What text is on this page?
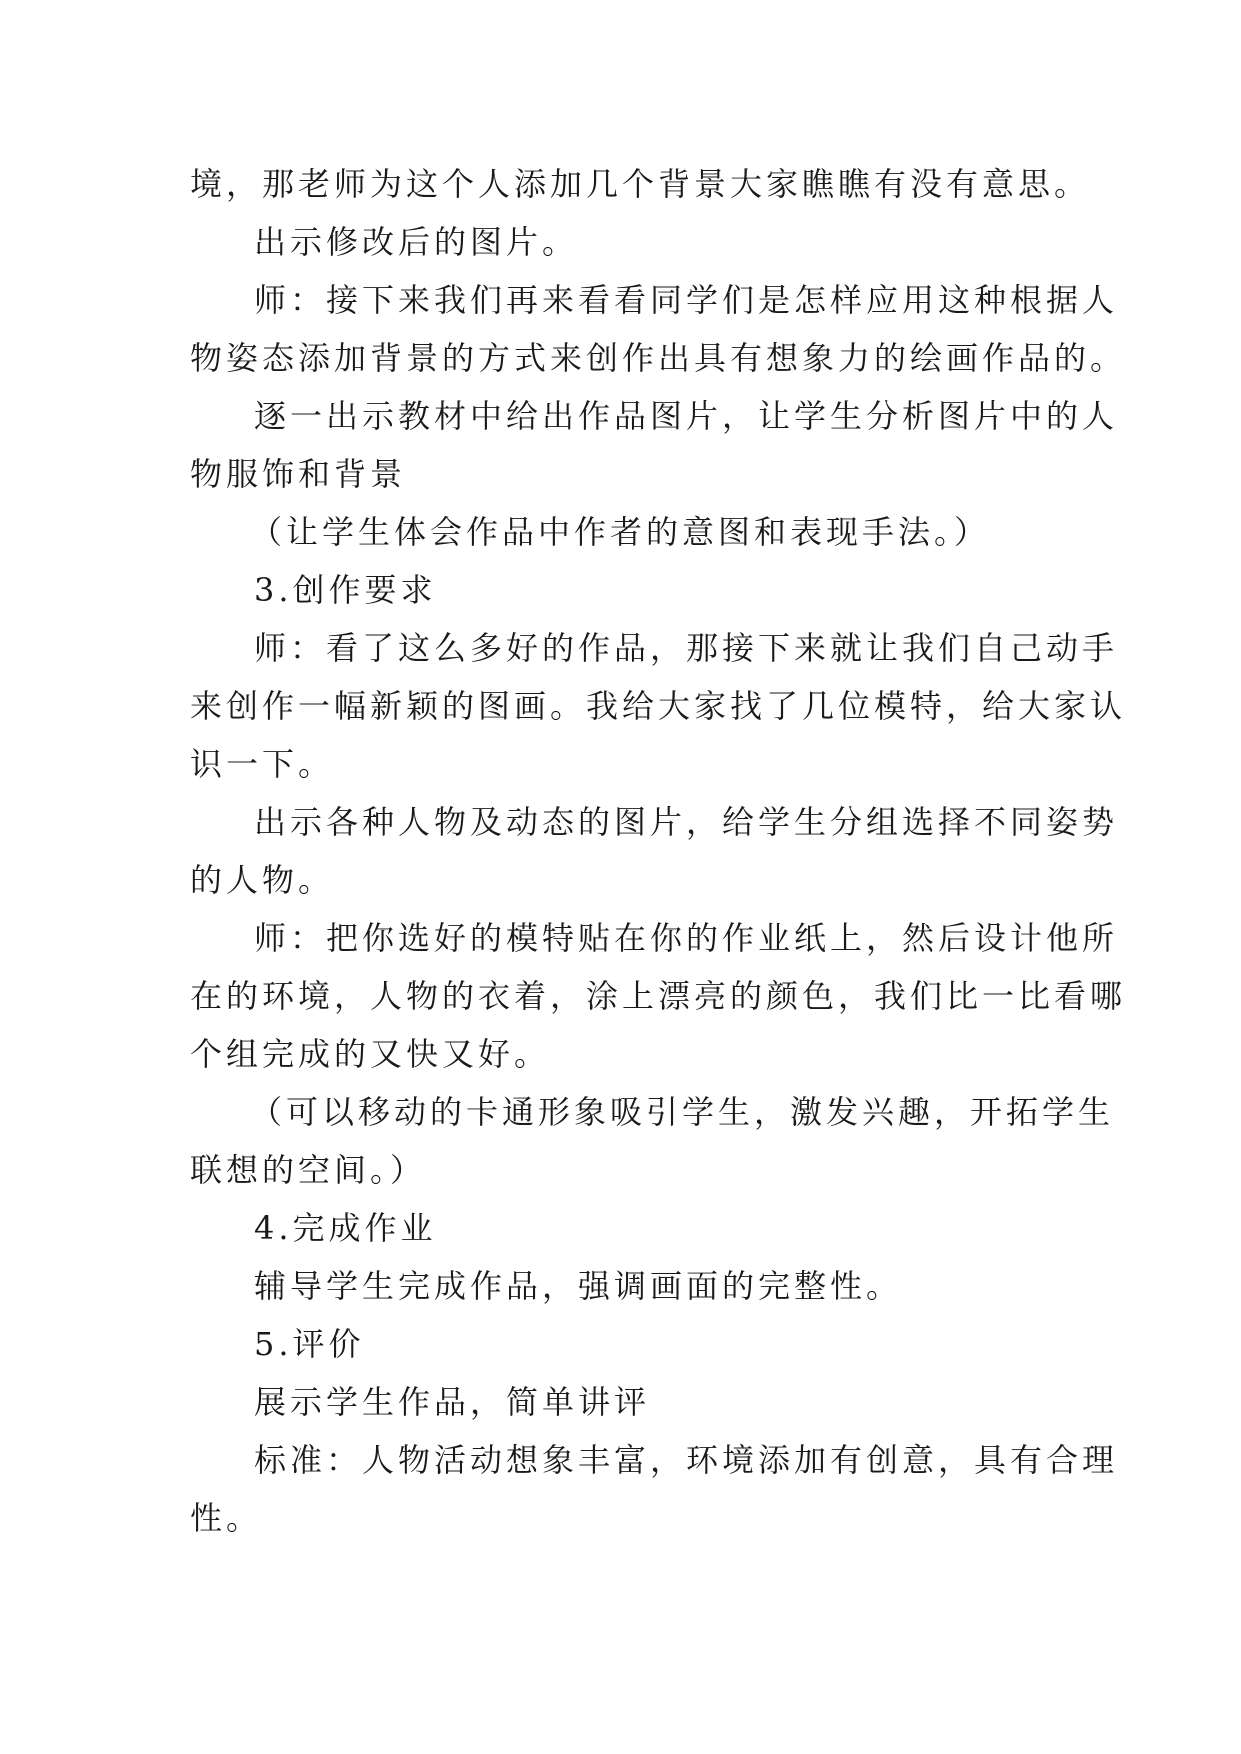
境，那老师为这个人添加几个背景大家瞧瞧有没有意思。
出示修改后的图片。
师：接下来我们再来看看同学们是怎样应用这种根据人
物姿态添加背景的方式来创作出具有想象力的绘画作品的。
逐一出示教材中给出作品图片，让学生分析图片中的人
物服饰和背景
（让学生体会作品中作者的意图和表现手法。）
3.创作要求
师：看了这么多好的作品，那接下来就让我们自己动手
来创作一幅新颖的图画。我给大家找了几位模特，给大家认
识一下。
出示各种人物及动态的图片，给学生分组选择不同姿势
的人物。
师：把你选好的模特贴在你的作业纸上，然后设计他所
在的环境，人物的衣着，涂上漂亮的颜色，我们比一比看哪
个组完成的又快又好。
（可以移动的卡通形象吸引学生，激发兴趣，开拓学生
联想的空间。）
4.完成作业
辅导学生完成作品，强调画面的完整性。
5.评价
展示学生作品，简单讲评
标准：人物活动想象丰富，环境添加有创意，具有合理
性。
